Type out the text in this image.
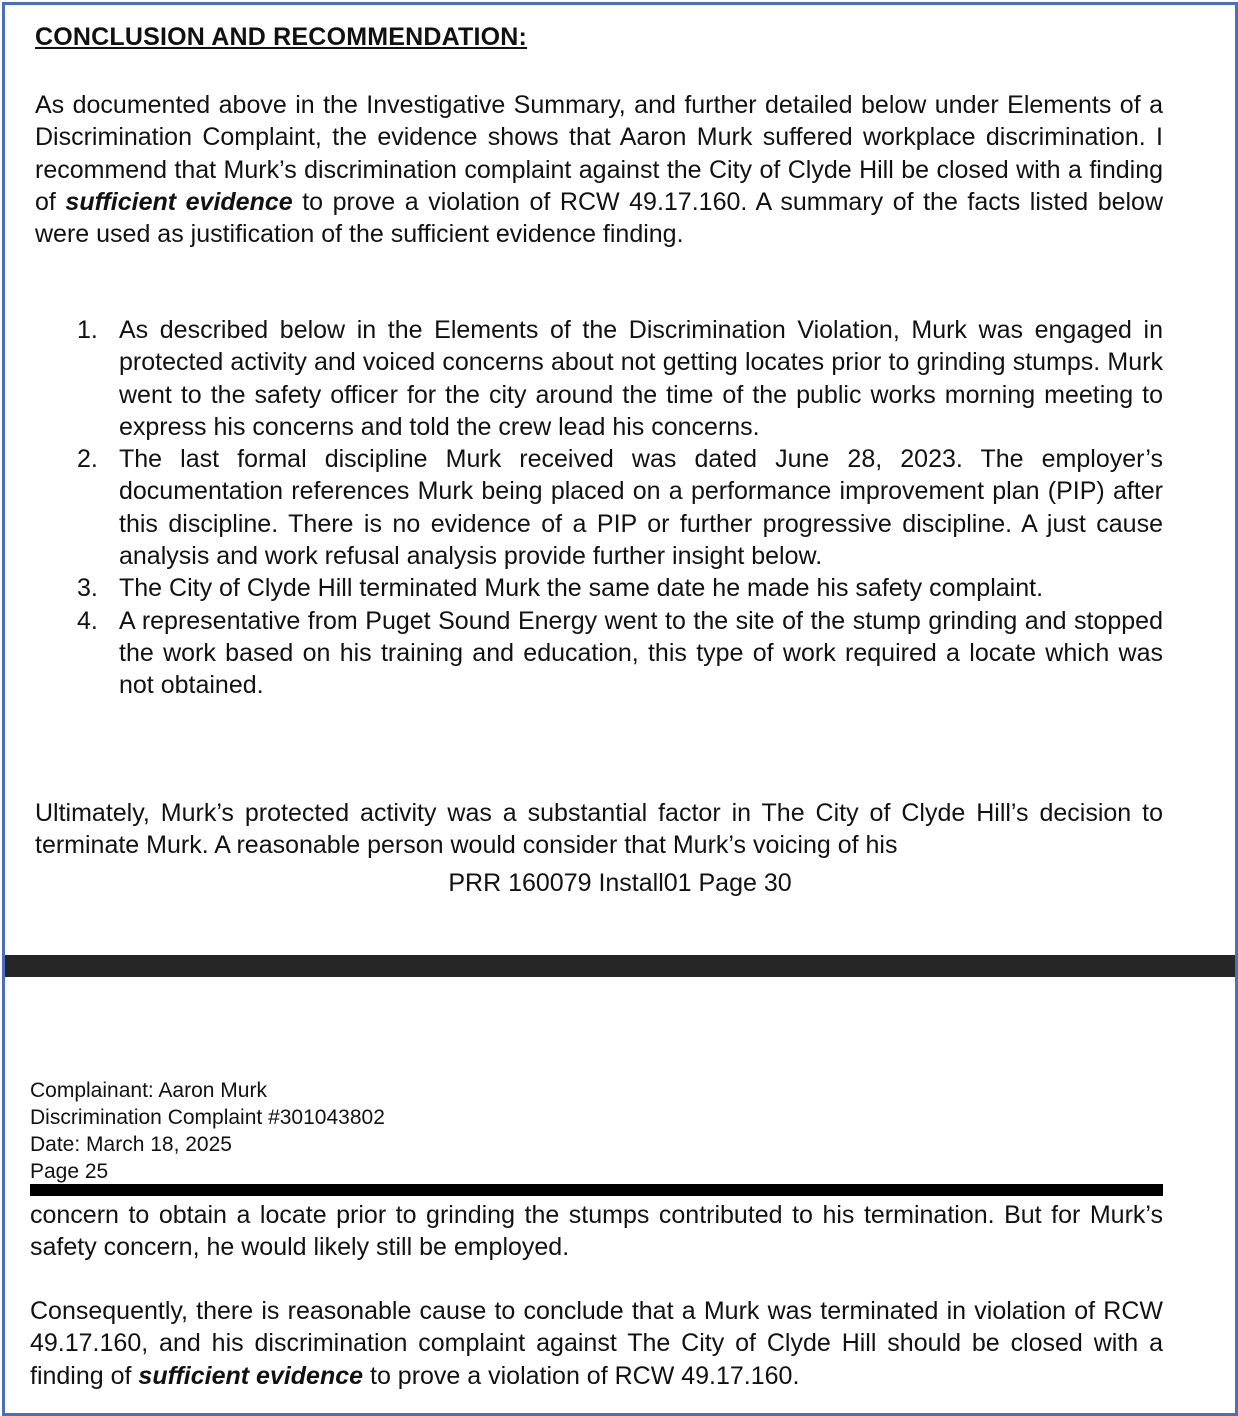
CONCLUSION AND RECOMMENDATION:

As documented above in the Investigative Summary, and further detailed below under Elements of a Discrimination Complaint, the evidence shows that Aaron Murk suffered workplace discrimination. I recommend that Murk’s discrimination complaint against the City of Clyde Hill be closed with a finding of sufficient evidence to prove a violation of RCW 49.17.160. A summary of the facts listed below were used as justification of the sufficient evidence finding.

1. As described below in the Elements of the Discrimination Violation, Murk was engaged in protected activity and voiced concerns about not getting locates prior to grinding stumps. Murk went to the safety officer for the city around the time of the public works morning meeting to express his concerns and told the crew lead his concerns.
2. The last formal discipline Murk received was dated June 28, 2023. The employer’s documentation references Murk being placed on a performance improvement plan (PIP) after this discipline. There is no evidence of a PIP or further progressive discipline. A just cause analysis and work refusal analysis provide further insight below.
3. The City of Clyde Hill terminated Murk the same date he made his safety complaint.
4. A representative from Puget Sound Energy went to the site of the stump grinding and stopped the work based on his training and education, this type of work required a locate which was not obtained.

Ultimately, Murk’s protected activity was a substantial factor in The City of Clyde Hill’s decision to terminate Murk. A reasonable person would consider that Murk’s voicing of his

PRR 160079 Install01 Page 30
Complainant: Aaron Murk
Discrimination Complaint #301043802
Date: March 18, 2025
Page 25

concern to obtain a locate prior to grinding the stumps contributed to his termination. But for Murk’s safety concern, he would likely still be employed.

Consequently, there is reasonable cause to conclude that a Murk was terminated in violation of RCW 49.17.160, and his discrimination complaint against The City of Clyde Hill should be closed with a finding of sufficient evidence to prove a violation of RCW 49.17.160.
